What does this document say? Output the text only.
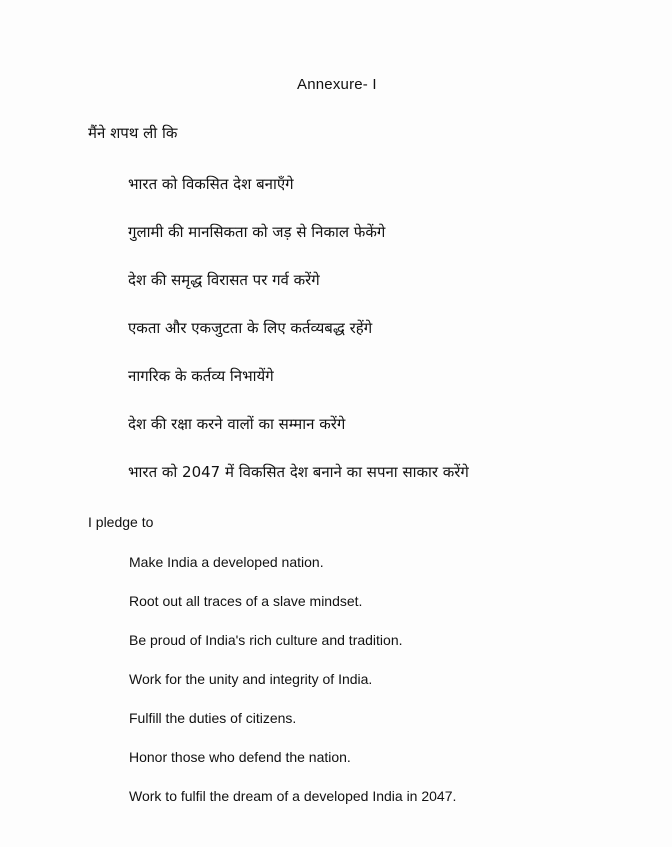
Annexure- I
मैंने शपथ ली कि
भारत को विकसित देश बनाएँगे
गुलामी की मानसिकता को जड़ से निकाल फेकेंगे
देश की समृद्ध विरासत पर गर्व करेंगे
एकता और एकजुटता के लिए कर्तव्यबद्ध रहेंगे
नागरिक के कर्तव्य निभायेंगे
देश की रक्षा करने वालों का सम्मान करेंगे
भारत को 2047 में विकसित देश बनाने का सपना साकार करेंगे
I pledge to
Make India a developed nation.
Root out all traces of a slave mindset.
Be proud of India's rich culture and tradition.
Work for the unity and integrity of India.
Fulfill the duties of citizens.
Honor those who defend the nation.
Work to fulfil the dream of a developed India in 2047.
